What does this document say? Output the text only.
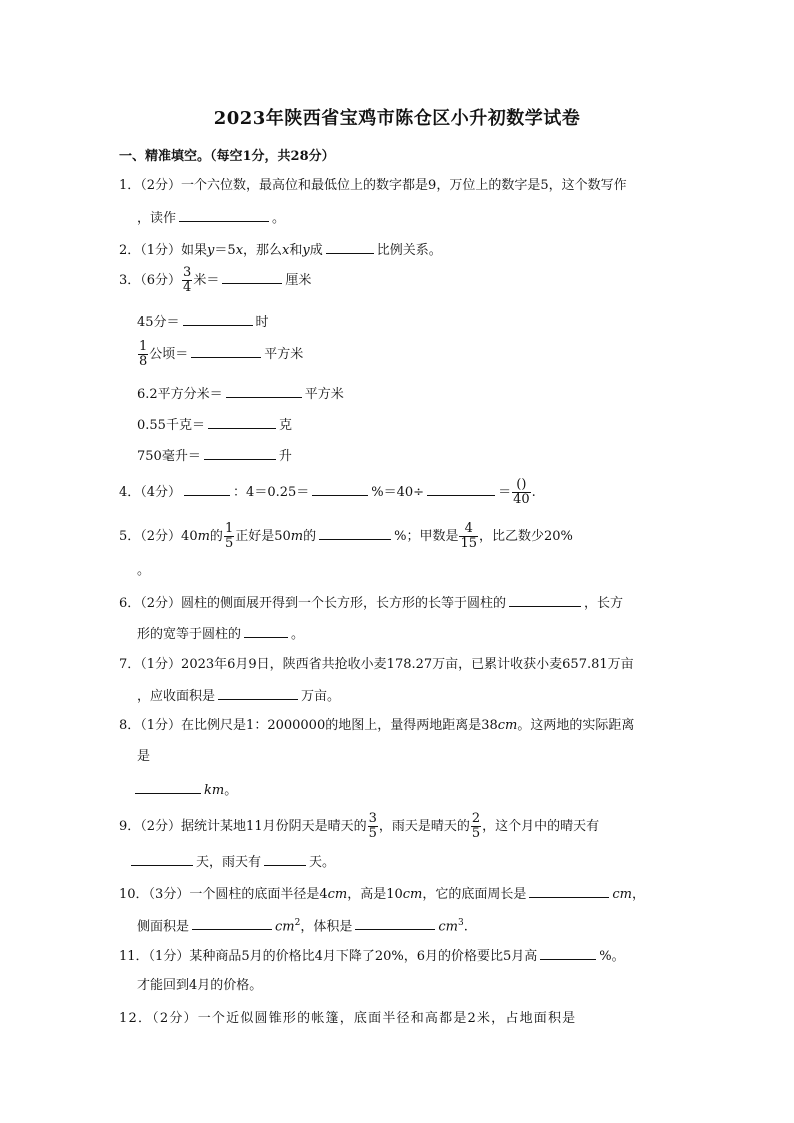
2023年陕西省宝鸡市陈仓区小升初数学试卷
一、精准填空。（每空1分，共28分）
1．（2分）一个六位数，最高位和最低位上的数字都是9，万位上的数字是5，这个数写作
，读作	。
2．（1分）如果y＝5x，那么x和y成	比例关系。
3．（6分） $\frac{3}{4}$ 米＝	厘米
45分＝	时
$\frac{1}{8}$ 公顷＝	平方米
6.2平方分米＝	平方米
0.55千克＝	克
750毫升＝	升
4．（4分）	：4＝0.25＝	%＝40÷	＝ $\frac{()}{40}$ .
5．（2分）40m的 $\frac{1}{5}$ 正好是50m的	%；甲数是 $\frac{4}{15}$ ，比乙数少20%
。
6．（2分）圆柱的侧面展开得到一个长方形，长方形的长等于圆柱的	，长方
形的宽等于圆柱的	。
7．（1分）2023年6月9日，陕西省共抢收小麦178.27万亩，已累计收获小麦657.81万亩
，应收面积是	万亩。
8．（1分）在比例尺是1：2000000的地图上，量得两地距离是38cm。这两地的实际距离
是
km。
9．（2分）据统计某地11月份阴天是晴天的 $\frac{3}{5}$ ，雨天是晴天的 $\frac{2}{5}$ ，这个月中的晴天有
天，雨天有	天。
10．（3分）一个圆柱的底面半径是4cm，高是10cm，它的底面周长是	cm，
侧面积是	$cm^2$，体积是	$cm^3$.
11．（1分）某种商品5月的价格比4月下降了20%，6月的价格要比5月高	%。
才能回到4月的价格。
12．（2分）一个近似圆锥形的帐篷，底面半径和高都是2米，占地面积是
